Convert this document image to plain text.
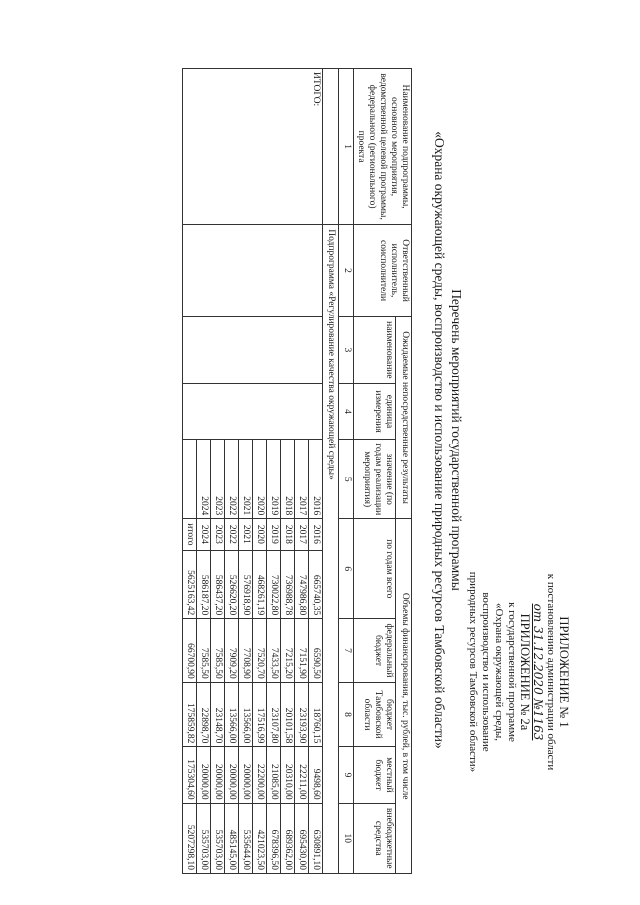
ПРИЛОЖЕНИЕ № 1
к постановлению администрации области
от 31.12.2020 №1163
ПРИЛОЖЕНИЕ № 2а
к государственной программе
«Охрана окружающей среды,
воспроизводство и использование
природных ресурсов Тамбовской области»
Перечень мероприятий государственной программы
«Охрана окружающей среды, воспроизводство и использование природных ресурсов Тамбовской области»
Наименование подпрограммы, основного мероприятия, ведомственной целевой программы, федерального (регионального) проекта	Ответственный исполнитель, соисполнители	Ожидаемые непосредственные результаты			Объемы финансирования, тыс. рублей, в том числе					
		наименование	единица измерения	значение (по годам реализации мероприятия)	по годам всего		федеральный бюджет	бюджет Тамбовской области	местный бюджет	внебюджетные средства
1	2	3	4	5	6		7	8	9	10
	Подпрограмма «Регулирование качества окружающей среды»									
ИТОГО:				2016	2016	665740,35	6590,50	18760,15	9498,60	630891,10
				2017	2017	747986,80	7151,90	23193,90	22211,00	695430,00
				2018	2018	736988,78	7215,20	20101,58	20310,00	689362,00
				2019	2019	730022,80	7433,50	23107,80	21085,00	678396,50
				2020	2020	468261,19	7520,70	17516,99	22200,00	421023,50
				2021	2021	576918,90	7708,90	13566,00	20000,00	535644,00
				2022	2022	526620,20	7909,20	13566,00	20000,00	485145,00
				2023	2023	586437,20	7585,50	23148,70	20000,00	535703,00
				2024	2024	586187,20	7585,50	22898,70	20000,00	535703,00
					итого	5625163,42	66700,90	175859,82	175304,60	5207298,10
